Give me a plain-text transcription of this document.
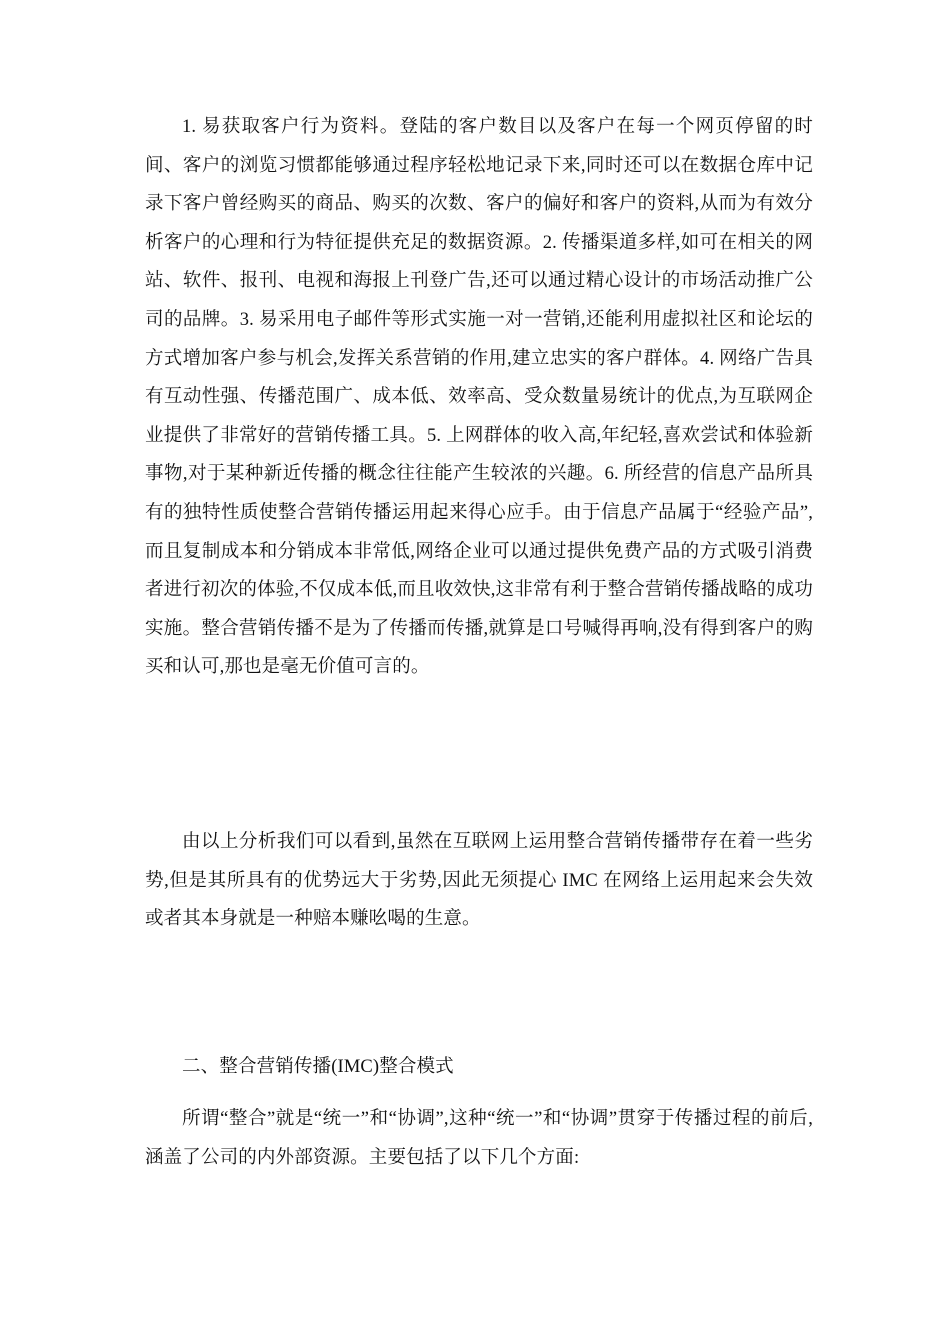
1. 易获取客户行为资料。登陆的客户数目以及客户在每一个网页停留的时间、客户的浏览习惯都能够通过程序轻松地记录下来,同时还可以在数据仓库中记录下客户曾经购买的商品、购买的次数、客户的偏好和客户的资料,从而为有效分析客户的心理和行为特征提供充足的数据资源。2. 传播渠道多样,如可在相关的网站、软件、报刊、电视和海报上刊登广告,还可以通过精心设计的市场活动推广公司的品牌。3. 易采用电子邮件等形式实施一对一营销,还能利用虚拟社区和论坛的方式增加客户参与机会,发挥关系营销的作用,建立忠实的客户群体。4. 网络广告具有互动性强、传播范围广、成本低、效率高、受众数量易统计的优点,为互联网企业提供了非常好的营销传播工具。5. 上网群体的收入高,年纪轻,喜欢尝试和体验新事物,对于某种新近传播的概念往往能产生较浓的兴趣。6. 所经营的信息产品所具有的独特性质使整合营销传播运用起来得心应手。由于信息产品属于“经验产品”,而且复制成本和分销成本非常低,网络企业可以通过提供免费产品的方式吸引消费者进行初次的体验,不仅成本低,而且收效快,这非常有利于整合营销传播战略的成功实施。整合营销传播不是为了传播而传播,就算是口号喊得再响,没有得到客户的购买和认可,那也是毫无价值可言的。

由以上分析我们可以看到,虽然在互联网上运用整合营销传播带存在着一些劣势,但是其所具有的优势远大于劣势,因此无须提心 IMC 在网络上运用起来会失效或者其本身就是一种赔本赚吆喝的生意。

二、整合营销传播(IMC)整合模式

所谓“整合”就是“统一”和“协调”,这种“统一”和“协调”贯穿于传播过程的前后,涵盖了公司的内外部资源。主要包括了以下几个方面:
